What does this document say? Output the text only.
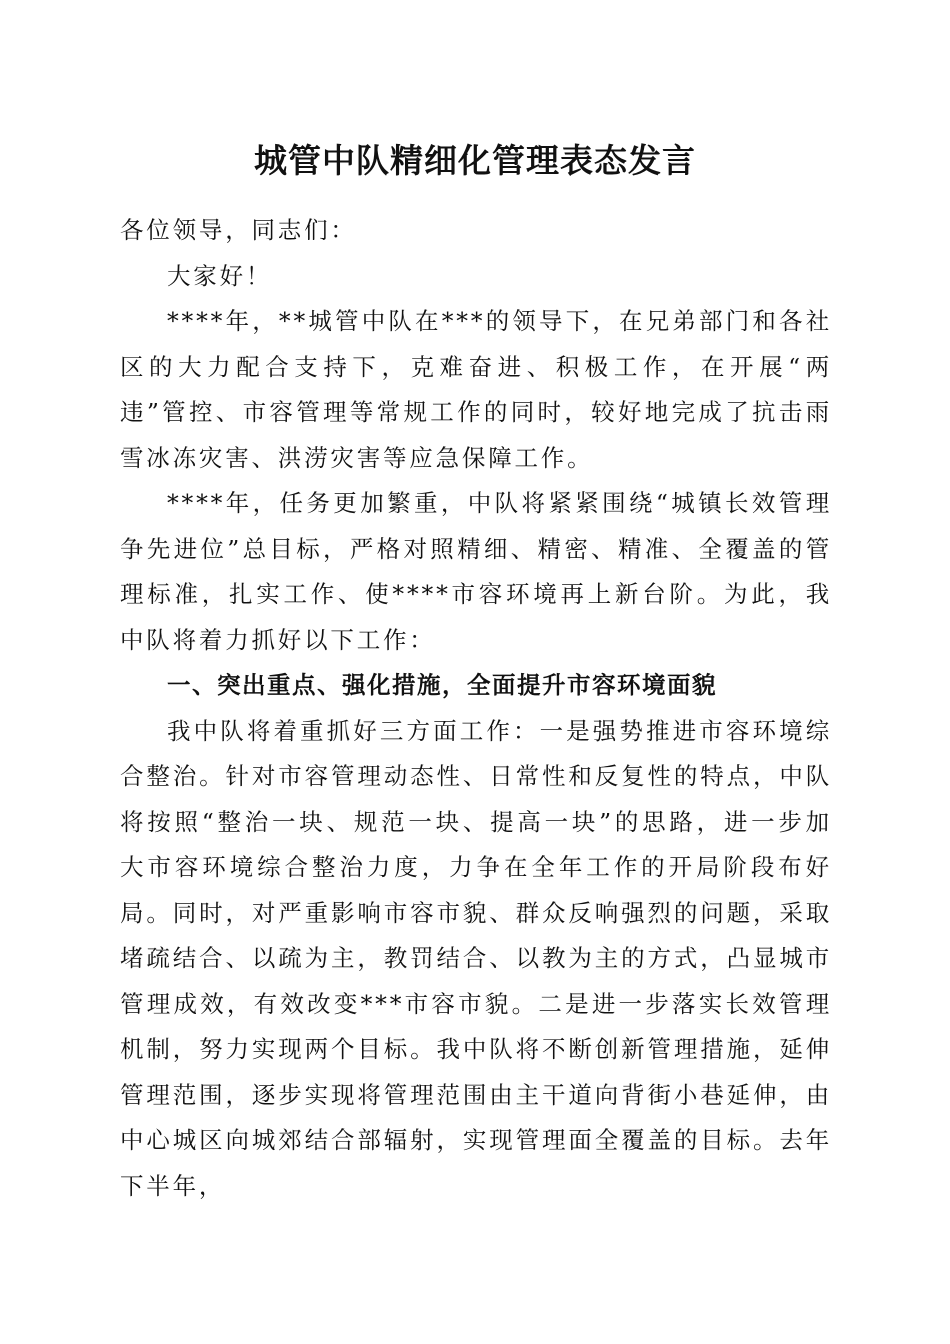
城管中队精细化管理表态发言

各位领导，同志们：

大家好！

****年，**城管中队在***的领导下，在兄弟部门和各社区的大力配合支持下，克难奋进、积极工作，在开展“两违”管控、市容管理等常规工作的同时，较好地完成了抗击雨雪冰冻灾害、洪涝灾害等应急保障工作。

****年，任务更加繁重，中队将紧紧围绕“城镇长效管理争先进位”总目标，严格对照精细、精密、精准、全覆盖的管理标准，扎实工作、使****市容环境再上新台阶。为此，我中队将着力抓好以下工作：

一、突出重点、强化措施，全面提升市容环境面貌

我中队将着重抓好三方面工作：一是强势推进市容环境综合整治。针对市容管理动态性、日常性和反复性的特点，中队将按照“整治一块、规范一块、提高一块”的思路，进一步加大市容环境综合整治力度，力争在全年工作的开局阶段布好局。同时，对严重影响市容市貌、群众反响强烈的问题，采取堵疏结合、以疏为主，教罚结合、以教为主的方式，凸显城市管理成效，有效改变***市容市貌。二是进一步落实长效管理机制，努力实现两个目标。我中队将不断创新管理措施，延伸管理范围，逐步实现将管理范围由主干道向背街小巷延伸，由中心城区向城郊结合部辐射，实现管理面全覆盖的目标。去年下半年，
